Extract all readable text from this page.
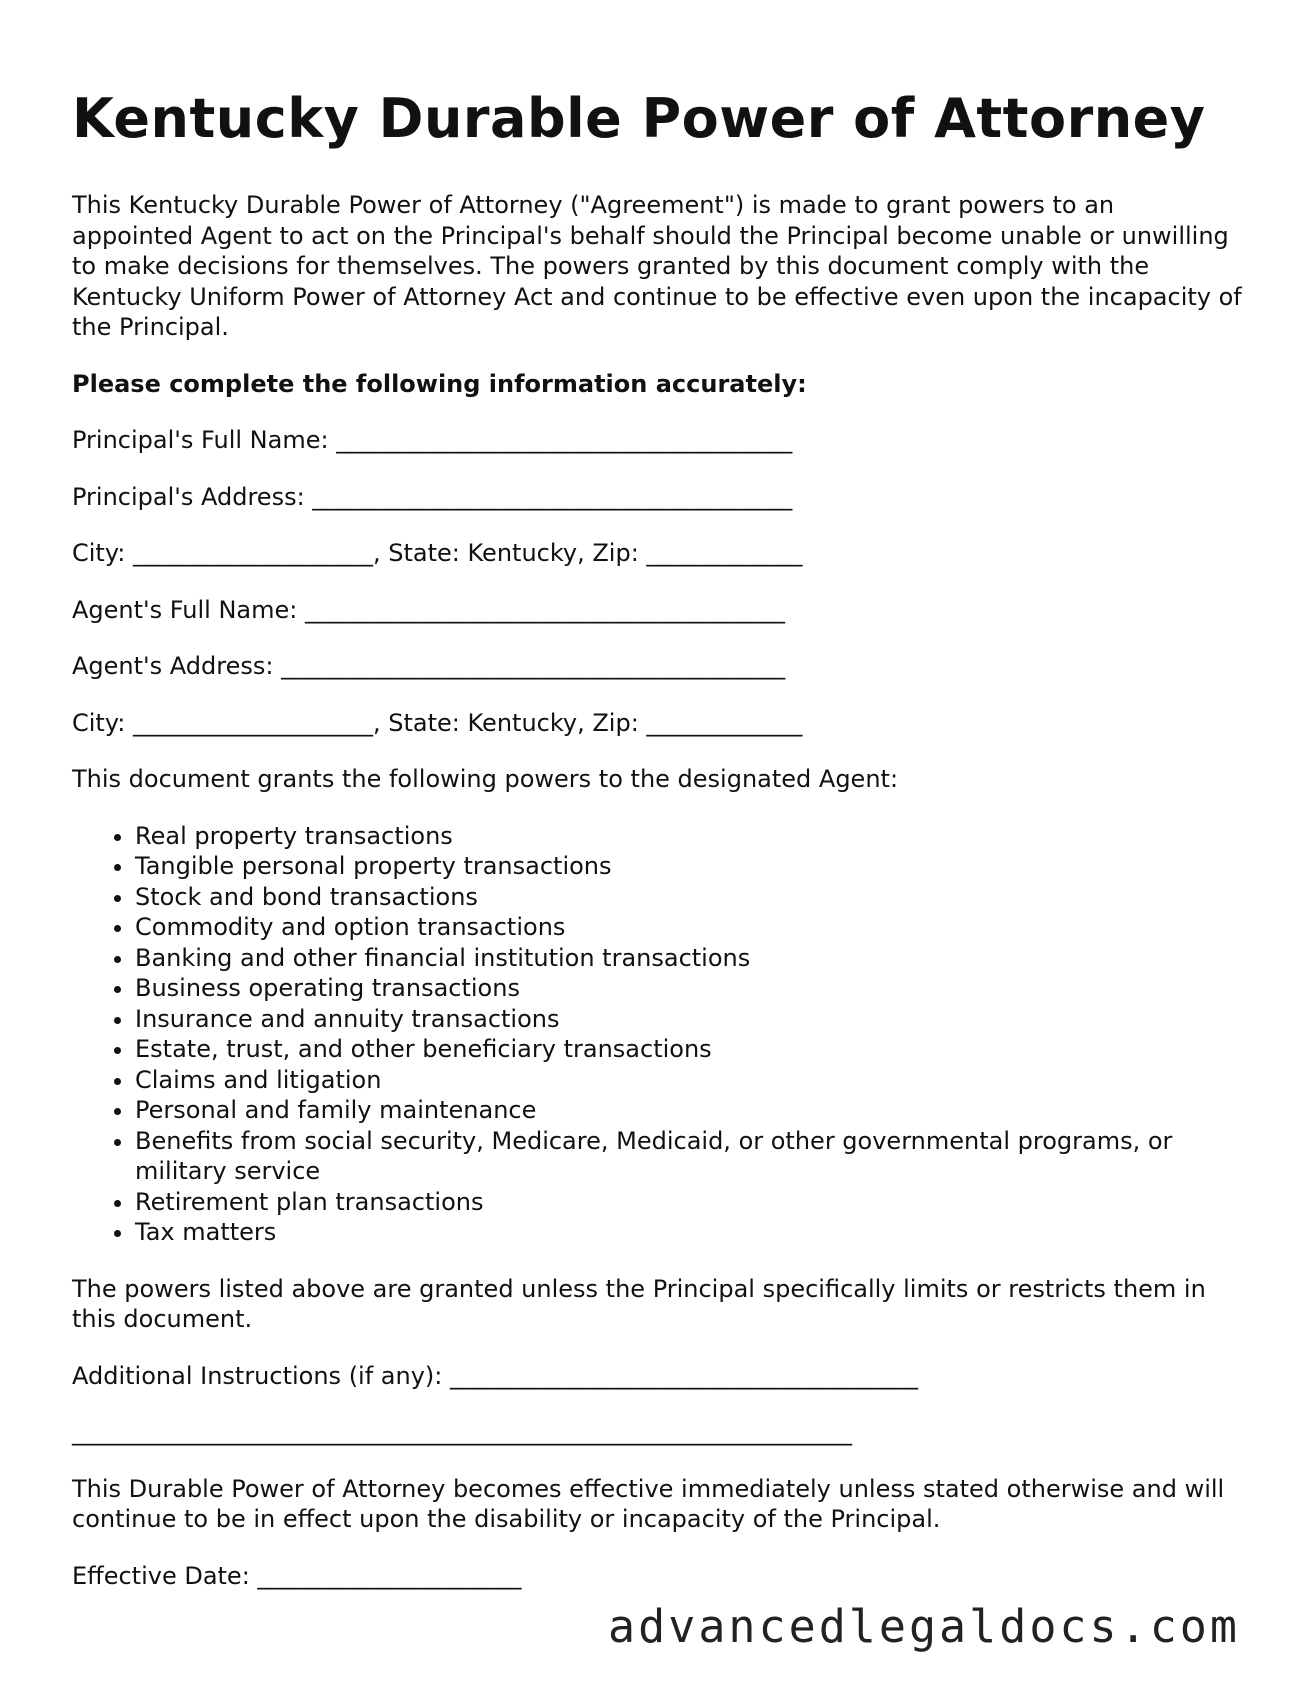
Kentucky Durable Power of Attorney

This Kentucky Durable Power of Attorney ("Agreement") is made to grant powers to an appointed Agent to act on the Principal's behalf should the Principal become unable or unwilling to make decisions for themselves. The powers granted by this document comply with the Kentucky Uniform Power of Attorney Act and continue to be effective even upon the incapacity of the Principal.

Please complete the following information accurately:

Principal's Full Name: ______________________________________

Principal's Address: ________________________________________

City: ____________________, State: Kentucky, Zip: _____________

Agent's Full Name: ________________________________________

Agent's Address: __________________________________________

City: ____________________, State: Kentucky, Zip: _____________

This document grants the following powers to the designated Agent:

• Real property transactions
• Tangible personal property transactions
• Stock and bond transactions
• Commodity and option transactions
• Banking and other financial institution transactions
• Business operating transactions
• Insurance and annuity transactions
• Estate, trust, and other beneficiary transactions
• Claims and litigation
• Personal and family maintenance
• Benefits from social security, Medicare, Medicaid, or other governmental programs, or military service
• Retirement plan transactions
• Tax matters

The powers listed above are granted unless the Principal specifically limits or restricts them in this document.

Additional Instructions (if any): _______________________________________

_________________________________________________________________

This Durable Power of Attorney becomes effective immediately unless stated otherwise and will continue to be in effect upon the disability or incapacity of the Principal.

Effective Date: ______________________

advancedlegaldocs.com
